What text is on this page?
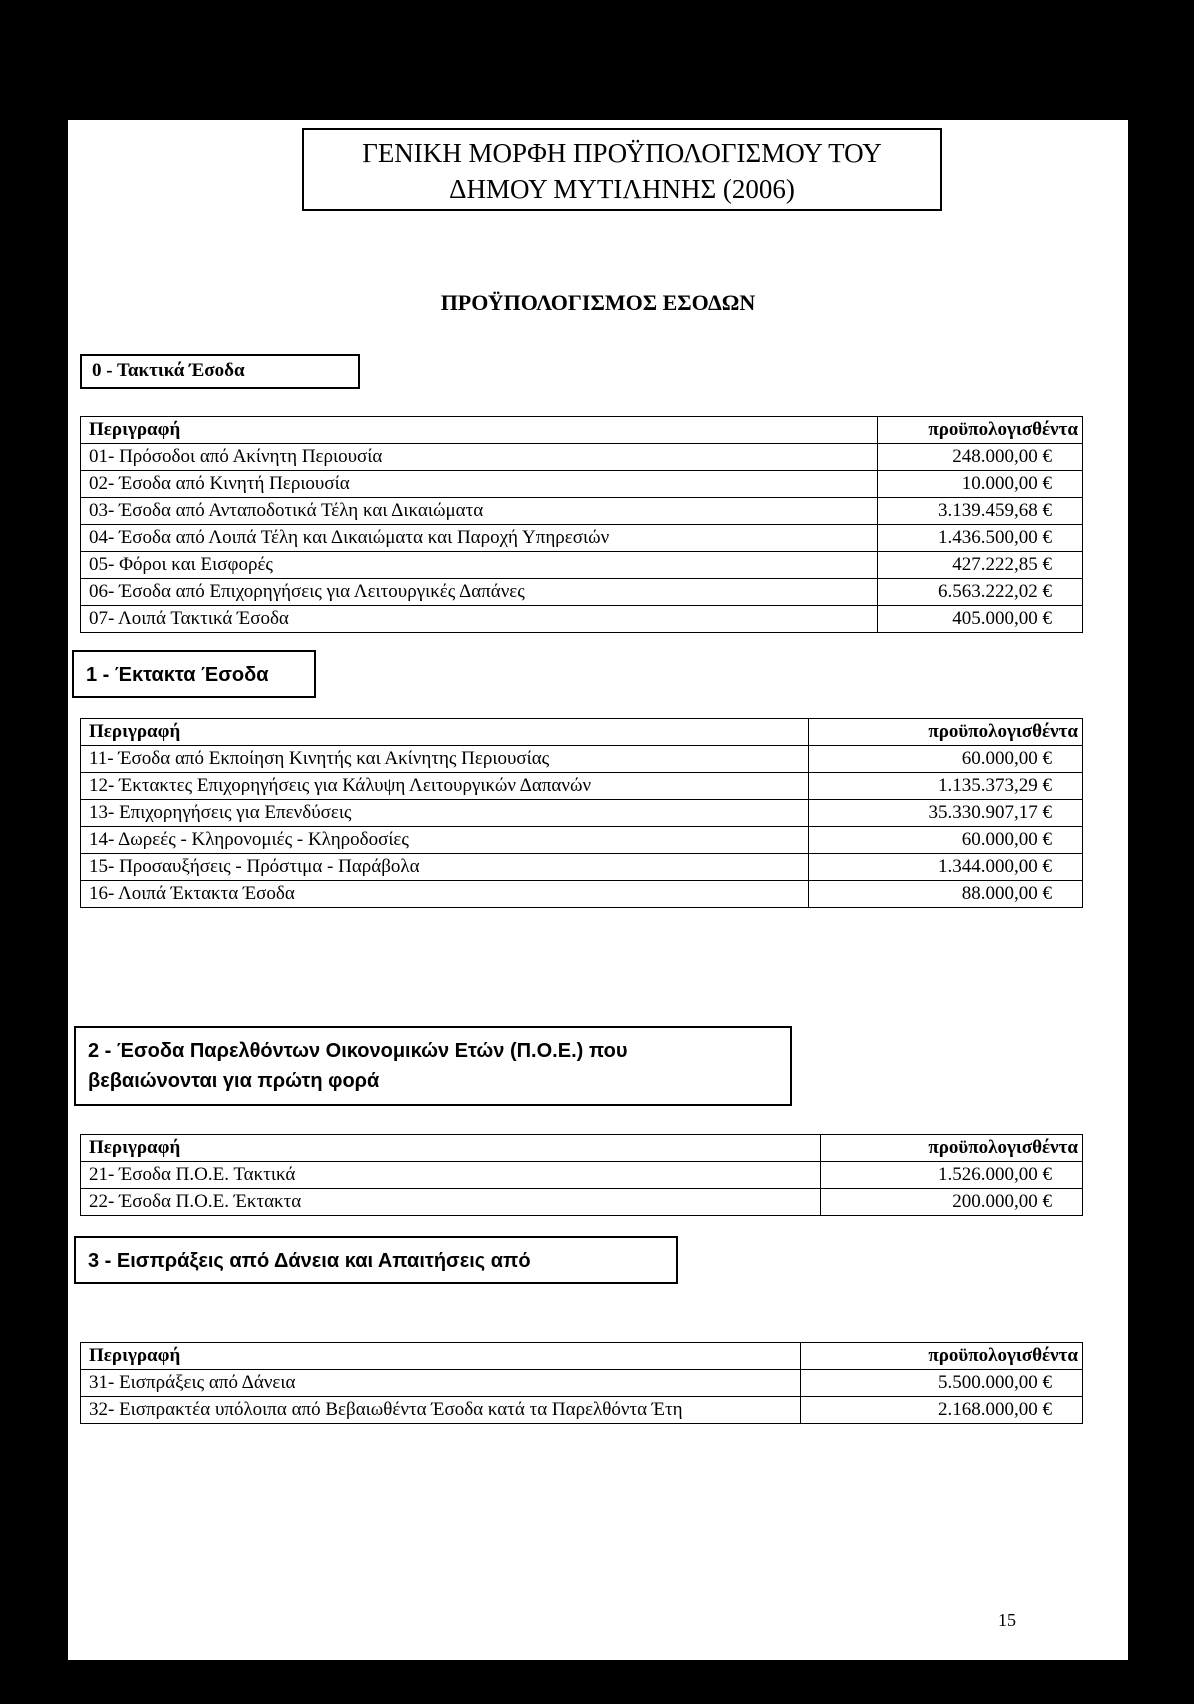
ΓΕΝΙΚΗ ΜΟΡΦΗ ΠΡΟΫΠΟΛΟΓΙΣΜΟΥ ΤΟΥ
ΔΗΜΟΥ ΜΥΤΙΛΗΝΗΣ (2006)
ΠΡΟΫΠΟΛΟΓΙΣΜΟΣ ΕΣΟΔΩΝ
0 - Τακτικά Έσοδα
Περιγραφή	προϋπολογισθέντα
01- Πρόσοδοι από Ακίνητη Περιουσία	248.000,00 €
02- Έσοδα από Κινητή Περιουσία	10.000,00 €
03- Έσοδα από Ανταποδοτικά Τέλη και Δικαιώματα	3.139.459,68 €
04- Έσοδα από Λοιπά Τέλη και Δικαιώματα και Παροχή Υπηρεσιών	1.436.500,00 €
05- Φόροι και Εισφορές	427.222,85 €
06- Έσοδα από Επιχορηγήσεις για Λειτουργικές Δαπάνες	6.563.222,02 €
07- Λοιπά Τακτικά Έσοδα	405.000,00 €
1 - Έκτακτα Έσοδα
Περιγραφή	προϋπολογισθέντα
11- Έσοδα από Εκποίηση Κινητής και Ακίνητης Περιουσίας	60.000,00 €
12- Έκτακτες Επιχορηγήσεις για Κάλυψη Λειτουργικών Δαπανών	1.135.373,29 €
13- Επιχορηγήσεις για Επενδύσεις	35.330.907,17 €
14- Δωρεές - Κληρονομιές - Κληροδοσίες	60.000,00 €
15- Προσαυξήσεις - Πρόστιμα - Παράβολα	1.344.000,00 €
16- Λοιπά Έκτακτα Έσοδα	88.000,00 €
2 - Έσοδα Παρελθόντων Οικονομικών Ετών (Π.Ο.Ε.) που
βεβαιώνονται για πρώτη φορά
Περιγραφή	προϋπολογισθέντα
21- Έσοδα Π.Ο.Ε. Τακτικά	1.526.000,00 €
22- Έσοδα Π.Ο.Ε. Έκτακτα	200.000,00 €
3 - Εισπράξεις από Δάνεια και Απαιτήσεις από
Περιγραφή	προϋπολογισθέντα
31- Εισπράξεις από Δάνεια	5.500.000,00 €
32- Εισπρακτέα υπόλοιπα από Βεβαιωθέντα Έσοδα κατά τα Παρελθόντα Έτη	2.168.000,00 €
15
